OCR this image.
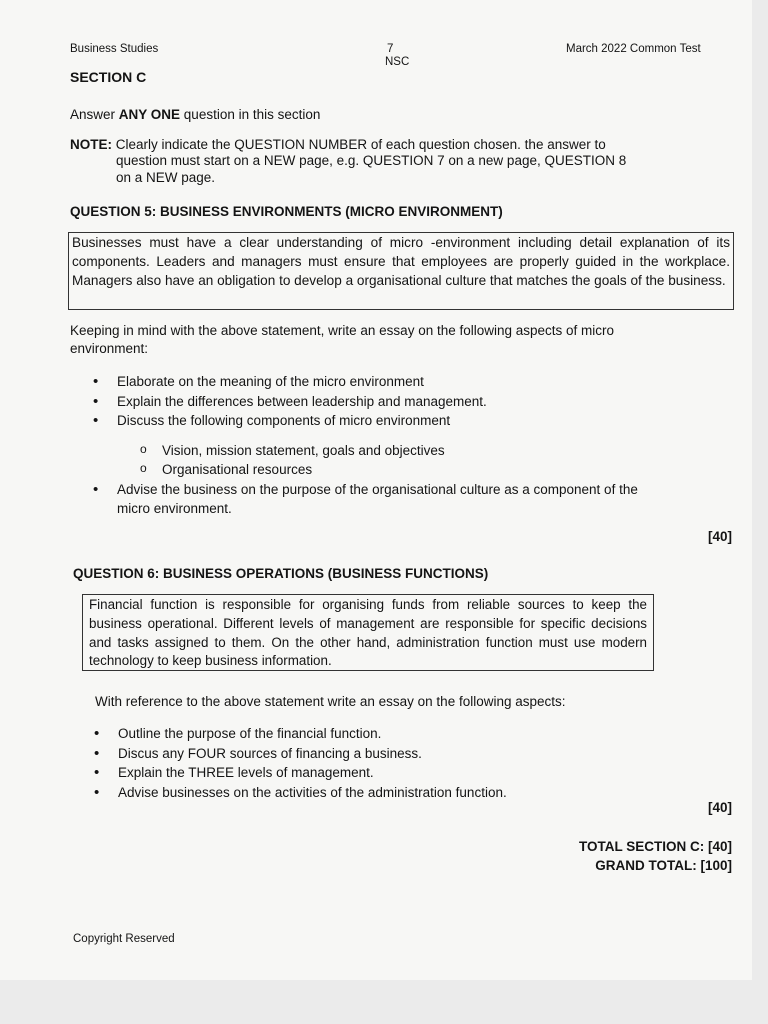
Business Studies	7
NSC
March 2022 Common Test
SECTION C
Answer ANY ONE question in this section
NOTE: Clearly indicate the QUESTION NUMBER of each question chosen. the answer to
question must start on a NEW page, e.g. QUESTION 7 on a new page, QUESTION 8
on a NEW page.
QUESTION 5: BUSINESS ENVIRONMENTS (MICRO ENVIRONMENT)
Businesses must have a clear understanding of micro -environment including detail explanation of its components. Leaders and managers must ensure that employees are properly guided in the workplace. Managers also have an obligation to develop a organisational culture that matches the goals of the business.
Keeping in mind with the above statement, write an essay on the following aspects of micro
environment:
• Elaborate on the meaning of the micro environment
• Explain the differences between leadership and management.
• Discuss the following components of micro environment
o Vision, mission statement, goals and objectives
o Organisational resources
• Advise the business on the purpose of the organisational culture as a component of the
micro environment.
[40]
QUESTION 6: BUSINESS OPERATIONS (BUSINESS FUNCTIONS)
Financial function is responsible for organising funds from reliable sources to keep the business operational. Different levels of management are responsible for specific decisions and tasks assigned to them. On the other hand, administration function must use modern technology to keep business information.
With reference to the above statement write an essay on the following aspects:
• Outline the purpose of the financial function.
• Discus any FOUR sources of financing a business.
• Explain the THREE levels of management.
• Advise businesses on the activities of the administration function.
[40]
TOTAL SECTION C: [40]
GRAND TOTAL: [100]
Copyright Reserved
